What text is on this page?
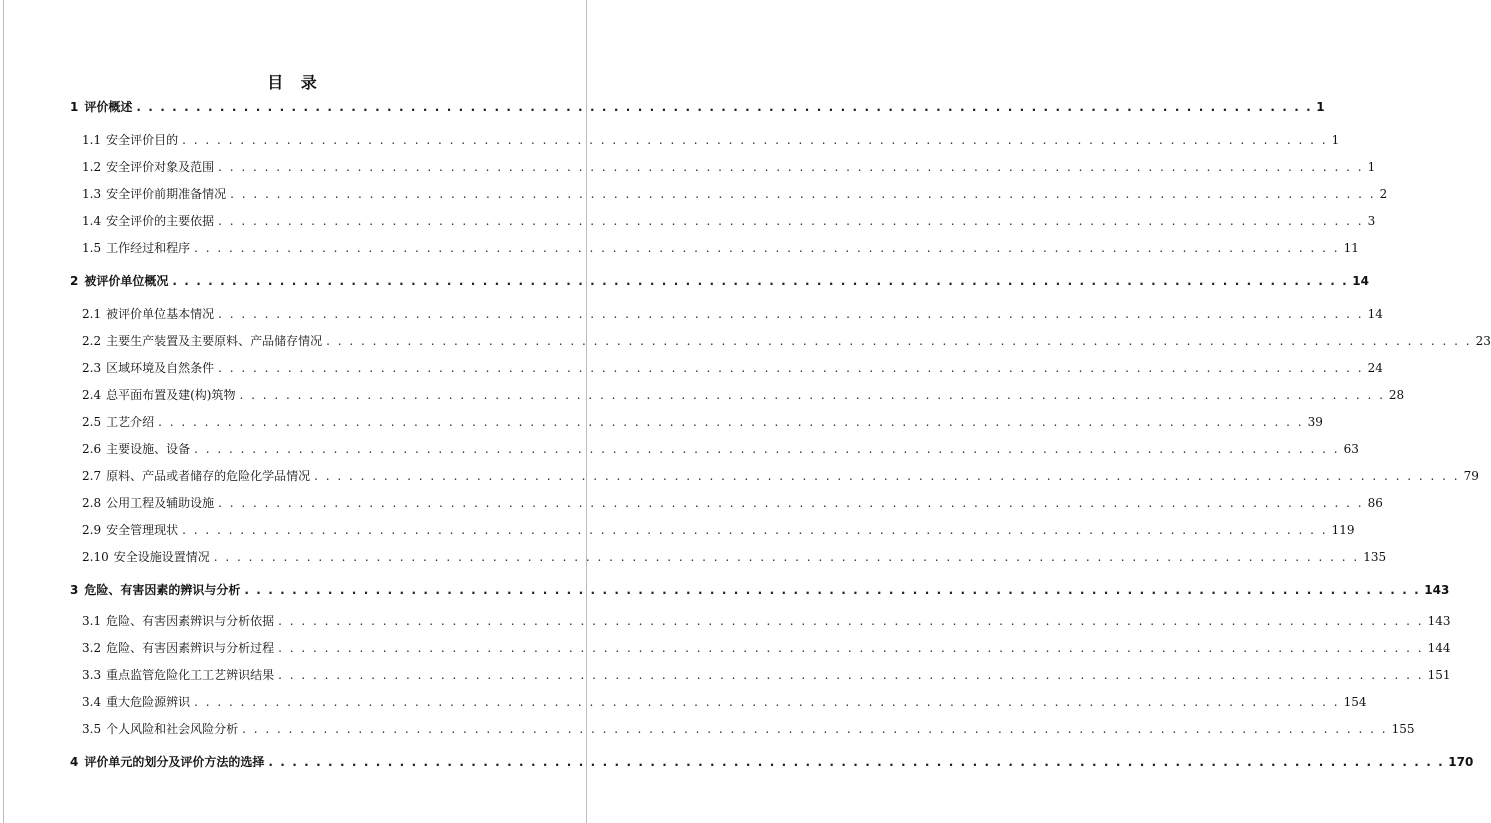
目 录
1 评价概述 . . . . . . . . . . . . . . . . . . . . . . . . . . . . . . . . . . . . . . . . . . . . . . . . . . . . . . . . . . . . . . . . . . . . . . . . . . . . . . . . . . . . . . . . . . . . . . . . . . . 1
1.1 安全评价目的 . . . . . . . . . . . . . . . . . . . . . . . . . . . . . . . . . . . . . . . . . . . . . . . . . . . . . . . . . . . . . . . . . . . . . . . . . . . . . . . . . . . . . . . . . . . . . . . . . . . 1
1.2 安全评价对象及范围 . . . . . . . . . . . . . . . . . . . . . . . . . . . . . . . . . . . . . . . . . . . . . . . . . . . . . . . . . . . . . . . . . . . . . . . . . . . . . . . . . . . . . . . . . . . . . . . . . . . 1
1.3 安全评价前期准备情况 . . . . . . . . . . . . . . . . . . . . . . . . . . . . . . . . . . . . . . . . . . . . . . . . . . . . . . . . . . . . . . . . . . . . . . . . . . . . . . . . . . . . . . . . . . . . . . . . . . . 2
1.4 安全评价的主要依据 . . . . . . . . . . . . . . . . . . . . . . . . . . . . . . . . . . . . . . . . . . . . . . . . . . . . . . . . . . . . . . . . . . . . . . . . . . . . . . . . . . . . . . . . . . . . . . . . . . . 3
1.5 工作经过和程序 . . . . . . . . . . . . . . . . . . . . . . . . . . . . . . . . . . . . . . . . . . . . . . . . . . . . . . . . . . . . . . . . . . . . . . . . . . . . . . . . . . . . . . . . . . . . . . . . . . . 11
2 被评价单位概况 . . . . . . . . . . . . . . . . . . . . . . . . . . . . . . . . . . . . . . . . . . . . . . . . . . . . . . . . . . . . . . . . . . . . . . . . . . . . . . . . . . . . . . . . . . . . . . . . . . . 14
2.1 被评价单位基本情况 . . . . . . . . . . . . . . . . . . . . . . . . . . . . . . . . . . . . . . . . . . . . . . . . . . . . . . . . . . . . . . . . . . . . . . . . . . . . . . . . . . . . . . . . . . . . . . . . . . . 14
2.2 主要生产装置及主要原料、产品储存情况 . . . . . . . . . . . . . . . . . . . . . . . . . . . . . . . . . . . . . . . . . . . . . . . . . . . . . . . . . . . . . . . . . . . . . . . . . . . . . . . . . . . . . . . . . . . . . . . . . . . 23
2.3 区域环境及自然条件 . . . . . . . . . . . . . . . . . . . . . . . . . . . . . . . . . . . . . . . . . . . . . . . . . . . . . . . . . . . . . . . . . . . . . . . . . . . . . . . . . . . . . . . . . . . . . . . . . . . 24
2.4 总平面布置及建(构)筑物 . . . . . . . . . . . . . . . . . . . . . . . . . . . . . . . . . . . . . . . . . . . . . . . . . . . . . . . . . . . . . . . . . . . . . . . . . . . . . . . . . . . . . . . . . . . . . . . . . . . 28
2.5 工艺介绍 . . . . . . . . . . . . . . . . . . . . . . . . . . . . . . . . . . . . . . . . . . . . . . . . . . . . . . . . . . . . . . . . . . . . . . . . . . . . . . . . . . . . . . . . . . . . . . . . . . . 39
2.6 主要设施、设备 . . . . . . . . . . . . . . . . . . . . . . . . . . . . . . . . . . . . . . . . . . . . . . . . . . . . . . . . . . . . . . . . . . . . . . . . . . . . . . . . . . . . . . . . . . . . . . . . . . . 63
2.7 原料、产品或者储存的危险化学品情况 . . . . . . . . . . . . . . . . . . . . . . . . . . . . . . . . . . . . . . . . . . . . . . . . . . . . . . . . . . . . . . . . . . . . . . . . . . . . . . . . . . . . . . . . . . . . . . . . . . . 79
2.8 公用工程及辅助设施 . . . . . . . . . . . . . . . . . . . . . . . . . . . . . . . . . . . . . . . . . . . . . . . . . . . . . . . . . . . . . . . . . . . . . . . . . . . . . . . . . . . . . . . . . . . . . . . . . . . 86
2.9 安全管理现状 . . . . . . . . . . . . . . . . . . . . . . . . . . . . . . . . . . . . . . . . . . . . . . . . . . . . . . . . . . . . . . . . . . . . . . . . . . . . . . . . . . . . . . . . . . . . . . . . . . . 119
2.10 安全设施设置情况 . . . . . . . . . . . . . . . . . . . . . . . . . . . . . . . . . . . . . . . . . . . . . . . . . . . . . . . . . . . . . . . . . . . . . . . . . . . . . . . . . . . . . . . . . . . . . . . . . . . 135
3 危险、有害因素的辨识与分析 . . . . . . . . . . . . . . . . . . . . . . . . . . . . . . . . . . . . . . . . . . . . . . . . . . . . . . . . . . . . . . . . . . . . . . . . . . . . . . . . . . . . . . . . . . . . . . . . . . . 143
3.1 危险、有害因素辨识与分析依据 . . . . . . . . . . . . . . . . . . . . . . . . . . . . . . . . . . . . . . . . . . . . . . . . . . . . . . . . . . . . . . . . . . . . . . . . . . . . . . . . . . . . . . . . . . . . . . . . . . . 143
3.2 危险、有害因素辨识与分析过程 . . . . . . . . . . . . . . . . . . . . . . . . . . . . . . . . . . . . . . . . . . . . . . . . . . . . . . . . . . . . . . . . . . . . . . . . . . . . . . . . . . . . . . . . . . . . . . . . . . . 144
3.3 重点监管危险化工工艺辨识结果 . . . . . . . . . . . . . . . . . . . . . . . . . . . . . . . . . . . . . . . . . . . . . . . . . . . . . . . . . . . . . . . . . . . . . . . . . . . . . . . . . . . . . . . . . . . . . . . . . . . 151
3.4 重大危险源辨识 . . . . . . . . . . . . . . . . . . . . . . . . . . . . . . . . . . . . . . . . . . . . . . . . . . . . . . . . . . . . . . . . . . . . . . . . . . . . . . . . . . . . . . . . . . . . . . . . . . . 154
3.5 个人风险和社会风险分析 . . . . . . . . . . . . . . . . . . . . . . . . . . . . . . . . . . . . . . . . . . . . . . . . . . . . . . . . . . . . . . . . . . . . . . . . . . . . . . . . . . . . . . . . . . . . . . . . . . . 155
4 评价单元的划分及评价方法的选择 . . . . . . . . . . . . . . . . . . . . . . . . . . . . . . . . . . . . . . . . . . . . . . . . . . . . . . . . . . . . . . . . . . . . . . . . . . . . . . . . . . . . . . . . . . . . . . . . . . . 170
